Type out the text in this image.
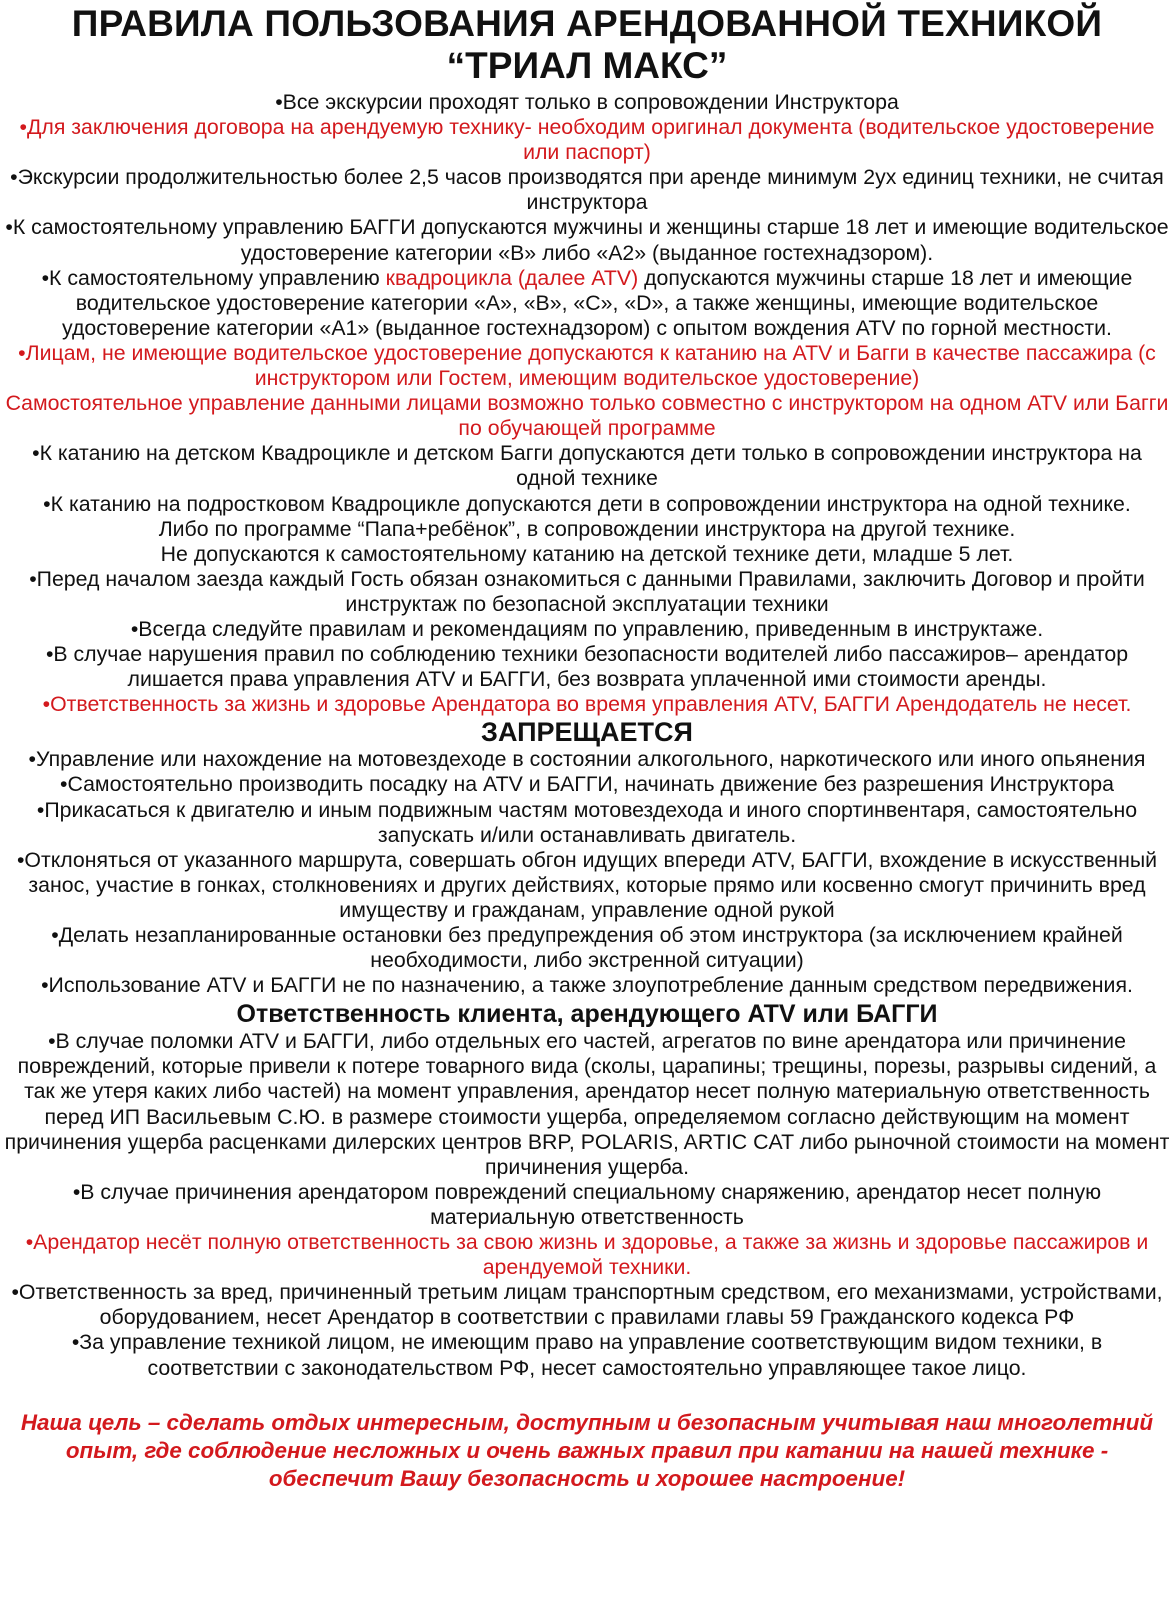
ПРАВИЛА ПОЛЬЗОВАНИЯ АРЕНДОВАННОЙ ТЕХНИКОЙ
“ТРИАЛ МАКС”

•Все экскурсии проходят только в сопровождении Инструктора

•Для заключения договора на арендуемую технику- необходим оригинал документа (водительское удостоверение или паспорт)

•Экскурсии продолжительностью более 2,5 часов производятся при аренде минимум 2ух единиц техники, не считая инструктора

•К самостоятельному управлению БАГГИ допускаются мужчины и женщины старше 18 лет и имеющие водительское удостоверение категории «В» либо «А2» (выданное гостехнадзором).

•К самостоятельному управлению квадроцикла (далее ATV) допускаются мужчины старше 18 лет и имеющие водительское удостоверение категории «А», «В», «С», «D», а также женщины, имеющие водительское удостоверение категории «А1» (выданное гостехнадзором) с опытом вождения ATV по горной местности.

•Лицам, не имеющие водительское удостоверение допускаются к катанию на ATV и Багги в качестве пассажира (с инструктором или Гостем, имеющим водительское удостоверение)

Самостоятельное управление данными лицами возможно только совместно с инструктором на одном ATV или Багги по обучающей программе

•К катанию на детском Квадроцикле и детском Багги допускаются дети только в сопровождении инструктора на одной технике

•К катанию на подростковом Квадроцикле допускаются дети в сопровождении инструктора на одной технике.

Либо по программе “Папа+ребёнок”, в сопровождении инструктора на другой технике.

Не допускаются к самостоятельному катанию на детской технике дети, младше 5 лет.

•Перед началом заезда каждый Гость обязан ознакомиться с данными Правилами, заключить Договор и пройти инструктаж по безопасной эксплуатации техники

•Всегда следуйте правилам и рекомендациям по управлению, приведенным в инструктаже.

•В случае нарушения правил по соблюдению техники безопасности водителей либо пассажиров– арендатор лишается права управления ATV и БАГГИ, без возврата уплаченной ими стоимости аренды.

•Ответственность за жизнь и здоровье Арендатора во время управления ATV, БАГГИ Арендодатель не несет.

ЗАПРЕЩАЕТСЯ

•Управление или нахождение на мотовездеходе в состоянии алкогольного, наркотического или иного опьянения

•Самостоятельно производить посадку на ATV и БАГГИ, начинать движение без разрешения Инструктора

•Прикасаться к двигателю и иным подвижным частям мотовездехода и иного спортинвентаря, самостоятельно запускать и/или останавливать двигатель.

•Отклоняться от указанного маршрута, совершать обгон идущих впереди ATV, БАГГИ, вхождение в искусственный занос, участие в гонках, столкновениях и других действиях, которые прямо или косвенно смогут причинить вред имуществу и гражданам, управление одной рукой

•Делать незапланированные остановки без предупреждения об этом инструктора (за исключением крайней необходимости, либо экстренной ситуации)

•Использование ATV и БАГГИ не по назначению, а также злоупотребление данным средством передвижения.

Ответственность клиента, арендующего ATV или БАГГИ

•В случае поломки ATV и БАГГИ, либо отдельных его частей, агрегатов по вине арендатора или причинение повреждений, которые привели к потере товарного вида (сколы, царапины; трещины, порезы, разрывы сидений, а так же утеря каких либо частей) на момент управления, арендатор несет полную материальную ответственность перед ИП Васильевым С.Ю. в размере стоимости ущерба, определяемом согласно действующим на момент причинения ущерба расценками дилерских центров BRP, POLARIS, ARTIC CAT либо рыночной стоимости на момент причинения ущерба.

•В случае причинения арендатором повреждений специальному снаряжению, арендатор несет полную материальную ответственность

•Арендатор несёт полную ответственность за свою жизнь и здоровье, а также за жизнь и здоровье пассажиров и арендуемой техники.

•Ответственность за вред, причиненный третьим лицам транспортным средством, его механизмами, устройствами, оборудованием, несет Арендатор в соответствии с правилами главы 59 Гражданского кодекса РФ

•За управление техникой лицом, не имеющим право на управление соответствующим видом техники, в соответствии с законодательством РФ, несет самостоятельно управляющее такое лицо.

Наша цель – сделать отдых интересным, доступным и безопасным учитывая наш многолетний опыт, где соблюдение несложных и очень важных правил при катании на нашей технике - обеспечит Вашу безопасность и хорошее настроение!
